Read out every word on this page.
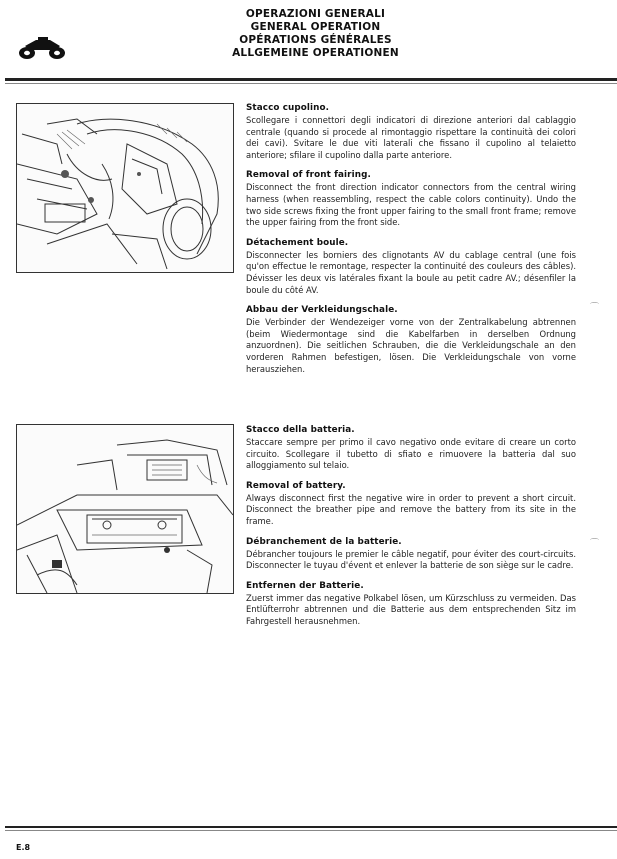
OPERAZIONI GENERALI
GENERAL OPERATION
OPÉRATIONS GÉNÉRALES
ALLGEMEINE OPERATIONEN
Stacco cupolino.
Scollegare i connettori degli indicatori di direzione anteriori dal cablaggio centrale (quando si procede al rimontaggio rispettare la continuità dei colori dei cavi). Svitare le due viti laterali che fissano il cupolino al telaietto anteriore; sfilare il cupolino dalla parte anteriore.
Removal of front fairing.
Disconnect the front direction indicator connectors from the central wiring harness (when reassembling, respect the cable colors continuity). Undo the two side screws fixing the front upper fairing to the small front frame; remove the upper fairing from the front side.
Détachement boule.
Disconnecter les borniers des clignotants AV du cablage central (une fois qu'on effectue le remontage, respecter la continuité des couleurs des câbles). Dévisser les deux vis latérales fixant la boule au petit cadre AV.; désenfiler la boule du côté AV.
Abbau der Verkleidungschale.
Die Verbinder der Wendezeiger vorne von der Zentralkabelung abtrennen (beim Wiedermontage sind die Kabelfarben in derselben Ordnung anzuordnen). Die seitlichen Schrauben, die die Verkleidungschale an den vorderen Rahmen befestigen, lösen. Die Verkleidungschale von vorne herausziehen.
Stacco della batteria.
Staccare sempre per primo il cavo negativo onde evitare di creare un corto circuito. Scollegare il tubetto di sfiato e rimuovere la batteria dal suo alloggiamento sul telaio.
Removal of battery.
Always disconnect first the negative wire in order to prevent a short circuit. Disconnect the breather pipe and remove the battery from its site in the frame.
Débranchement de la batterie.
Débrancher toujours le premier le câble negatif, pour éviter des court-circuits. Disconnecter le tuyau d'évent et enlever la batterie de son siège sur le cadre.
Entfernen der Batterie.
Zuerst immer das negative Polkabel lösen, um Kürzschluss zu vermeiden. Das Entlüfterrohr abtrennen und die Batterie aus dem entsprechenden Sitz im Fahrgestell herausnehmen.
⌒
⌒
E.8
